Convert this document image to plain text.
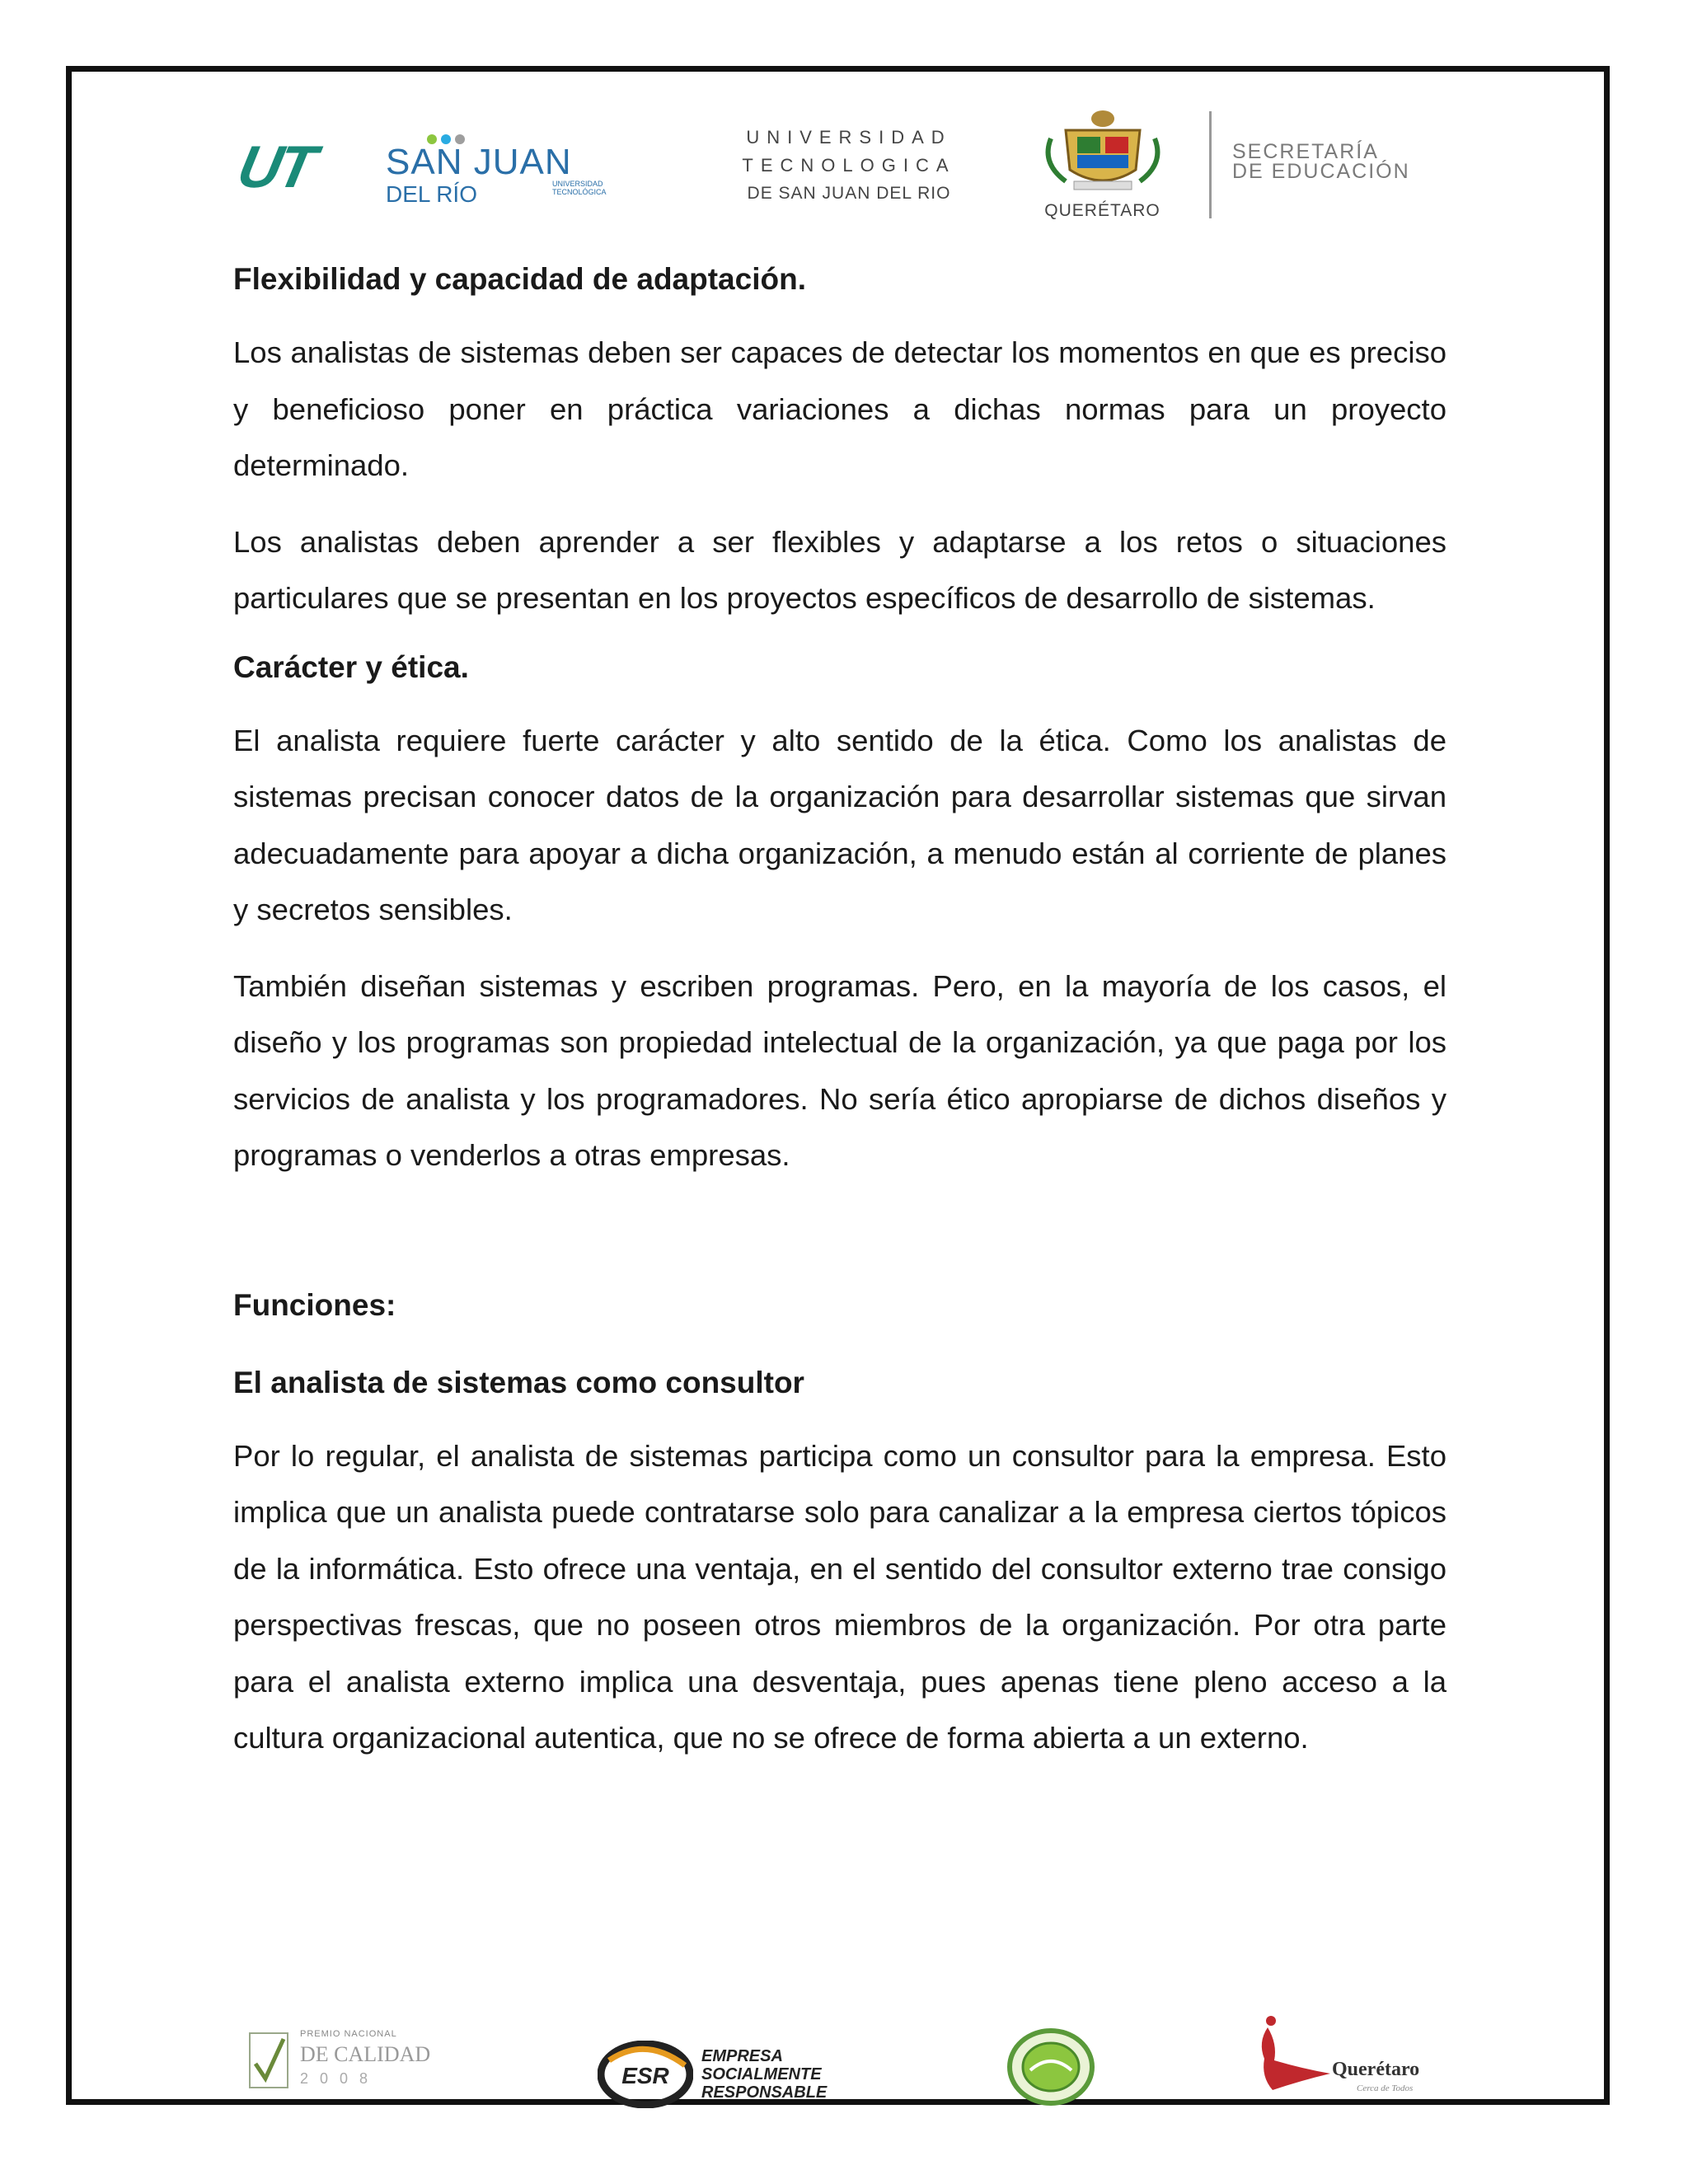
UT SAN JUAN
DEL RÍO	UNIVERSIDAD TECNOLÓGICA
UNIVERSIDAD
TECNOLOGICA
DE SAN JUAN DEL RIO
QUERÉTARO
SECRETARÍA
DE EDUCACIÓN

Flexibilidad y capacidad de adaptación.

Los analistas de sistemas deben ser capaces de detectar los momentos en que es preciso y beneficioso poner en práctica variaciones a dichas normas para un proyecto determinado.

Los analistas deben aprender a ser flexibles y adaptarse a los retos o situaciones particulares que se presentan en los proyectos específicos de desarrollo de sistemas.

Carácter y ética.

El analista requiere fuerte carácter y alto sentido de la ética. Como los analistas de sistemas precisan conocer datos de la organización para desarrollar sistemas que sirvan adecuadamente para apoyar a dicha organización, a menudo están al corriente de planes y secretos sensibles.

También diseñan sistemas y escriben programas. Pero, en la mayoría de los casos, el diseño y los programas son propiedad intelectual de la organización, ya que paga por los servicios de analista y los programadores. No sería ético apropiarse de dichos diseños y programas o venderlos a otras empresas.

Funciones:

El analista de sistemas como consultor

Por lo regular, el analista de sistemas participa como un consultor para la empresa. Esto implica que un analista puede contratarse solo para canalizar a la empresa ciertos tópicos de la informática. Esto ofrece una ventaja, en el sentido del consultor externo trae consigo perspectivas frescas, que no poseen otros miembros de la organización. Por otra parte para el analista externo implica una desventaja, pues apenas tiene pleno acceso a la cultura organizacional autentica, que no se ofrece de forma abierta a un externo.

PREMIO NACIONAL
DE CALIDAD
2008	ESR
EMPRESA
SOCIALMENTE
RESPONSABLE
Querétaro
Cerca de Todos
